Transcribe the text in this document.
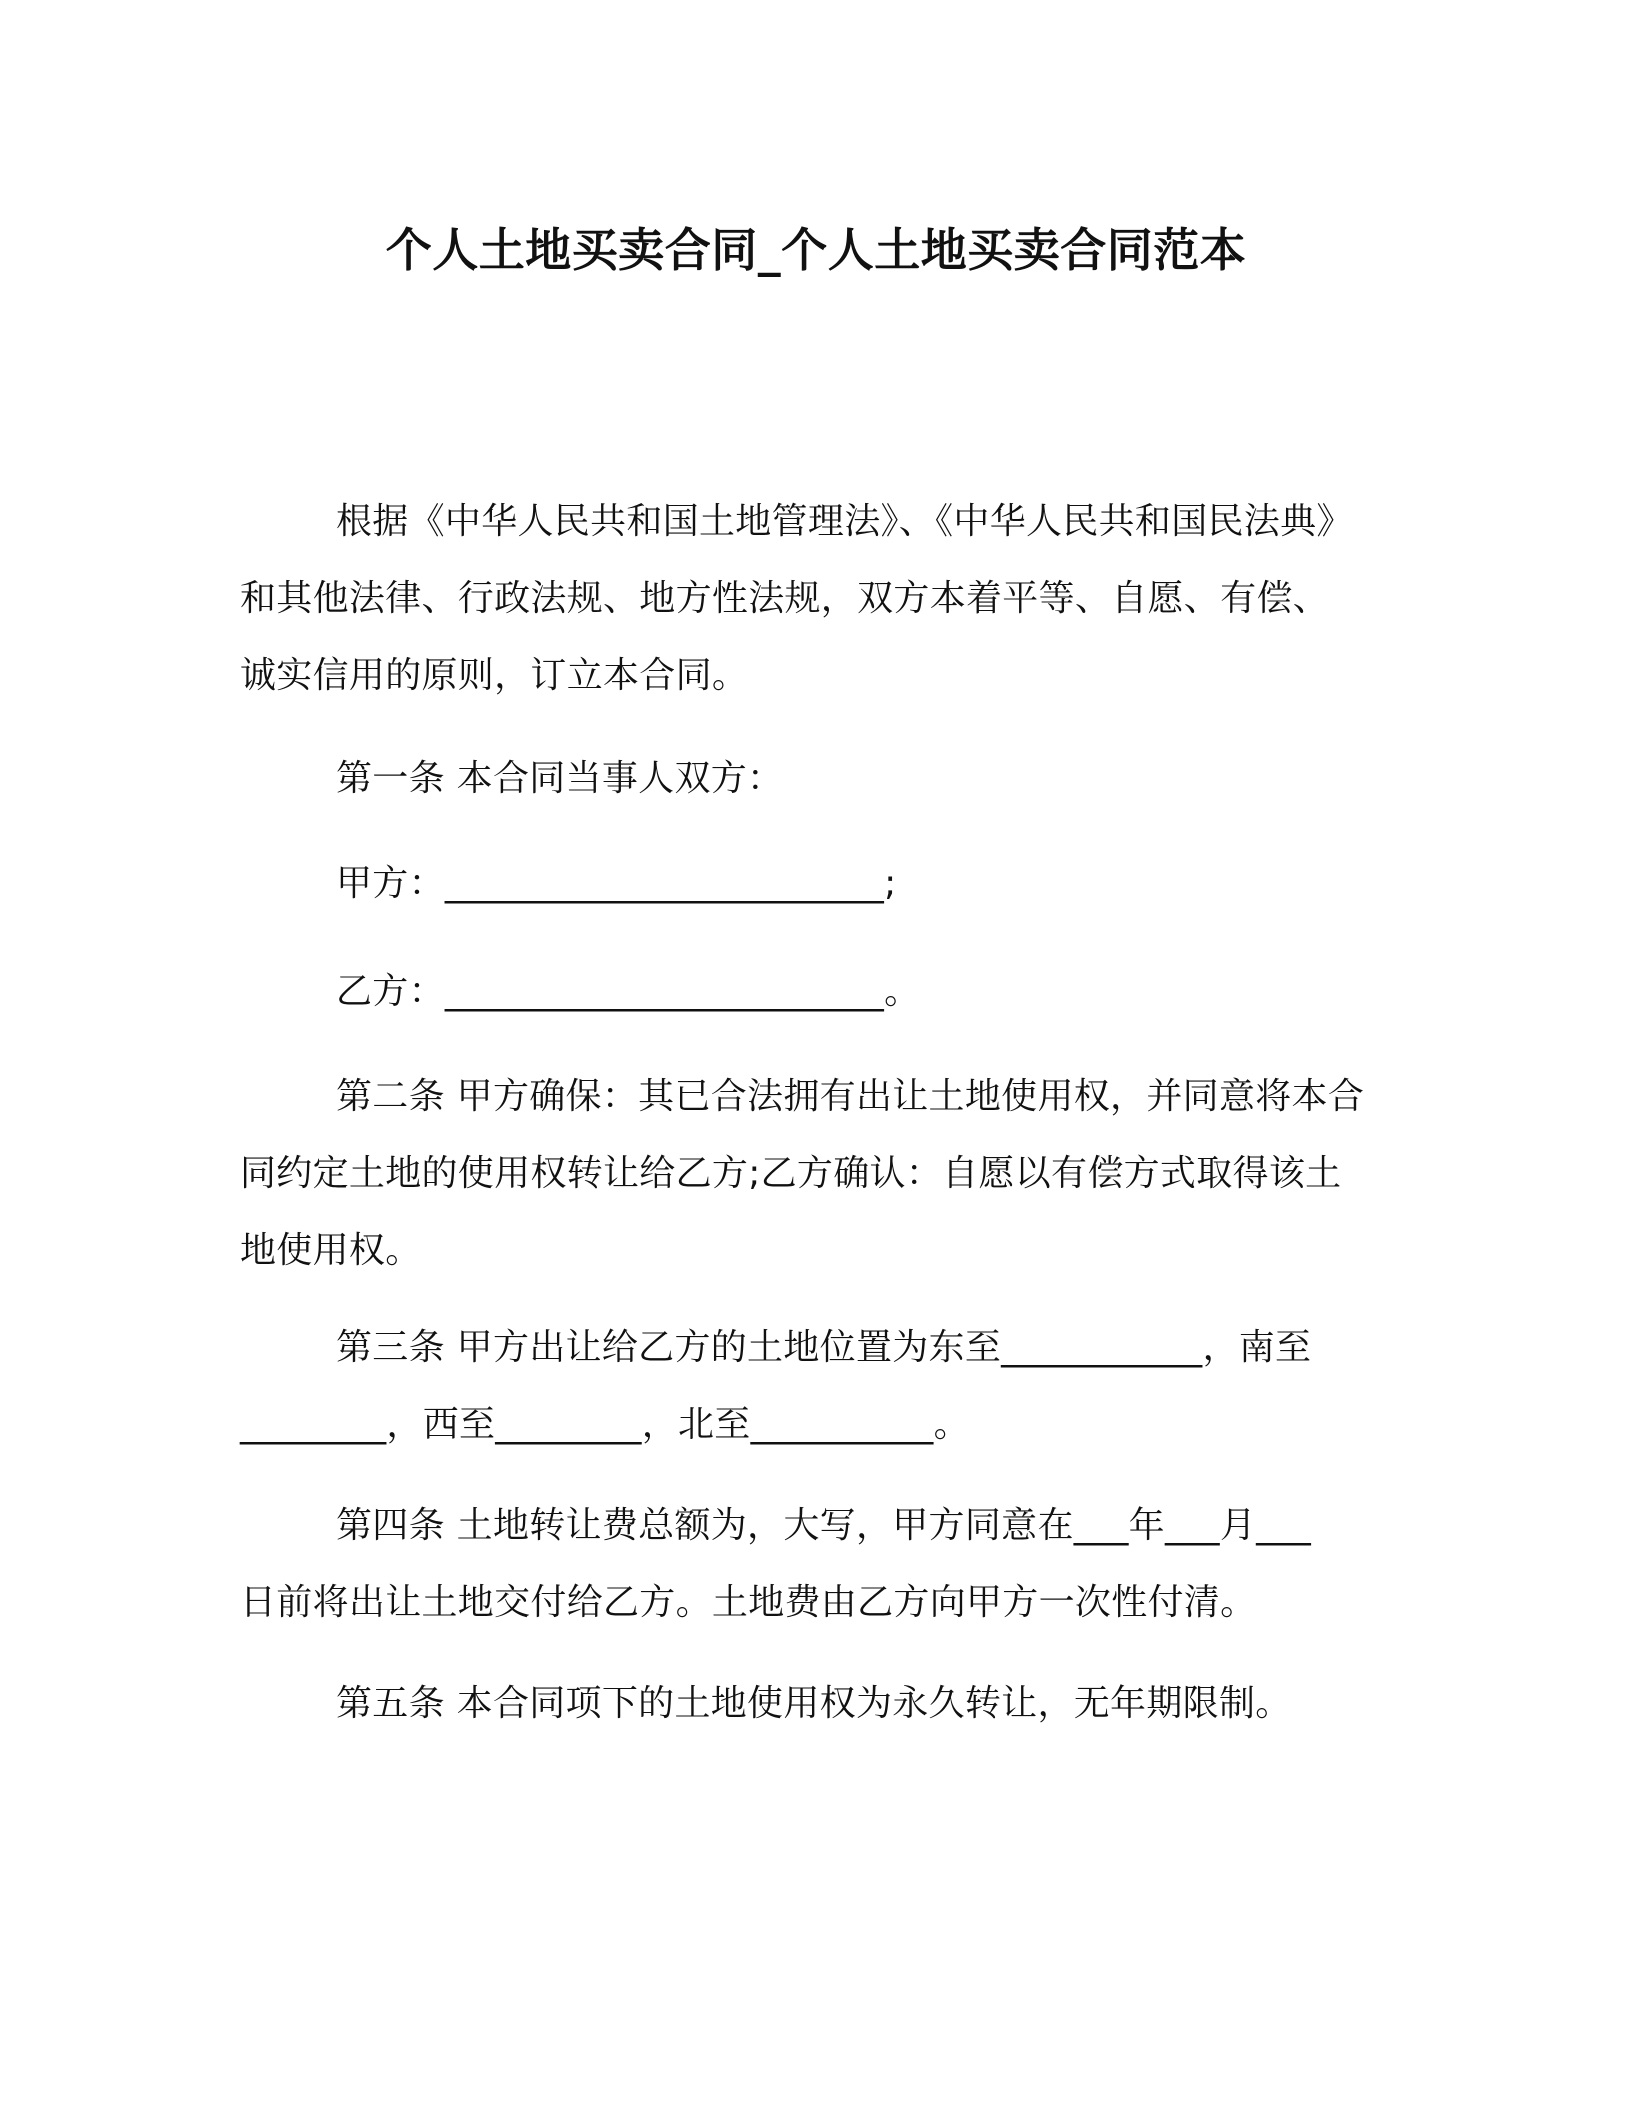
个人土地买卖合同_个人土地买卖合同范本
根据《中华人民共和国土地管理法》、《中华人民共和国民法典》
和其他法律、行政法规、地方性法规，双方本着平等、自愿、有偿、
诚实信用的原则，订立本合同。
第一条 本合同当事人双方：
甲方：________________________;
乙方：________________________。
第二条 甲方确保：其已合法拥有出让土地使用权，并同意将本合
同约定土地的使用权转让给乙方;乙方确认：自愿以有偿方式取得该土
地使用权。
第三条 甲方出让给乙方的土地位置为东至___________，南至
________，西至________，北至__________。
第四条 土地转让费总额为，大写，甲方同意在___年___月___
日前将出让土地交付给乙方。土地费由乙方向甲方一次性付清。
第五条 本合同项下的土地使用权为永久转让，无年期限制。
